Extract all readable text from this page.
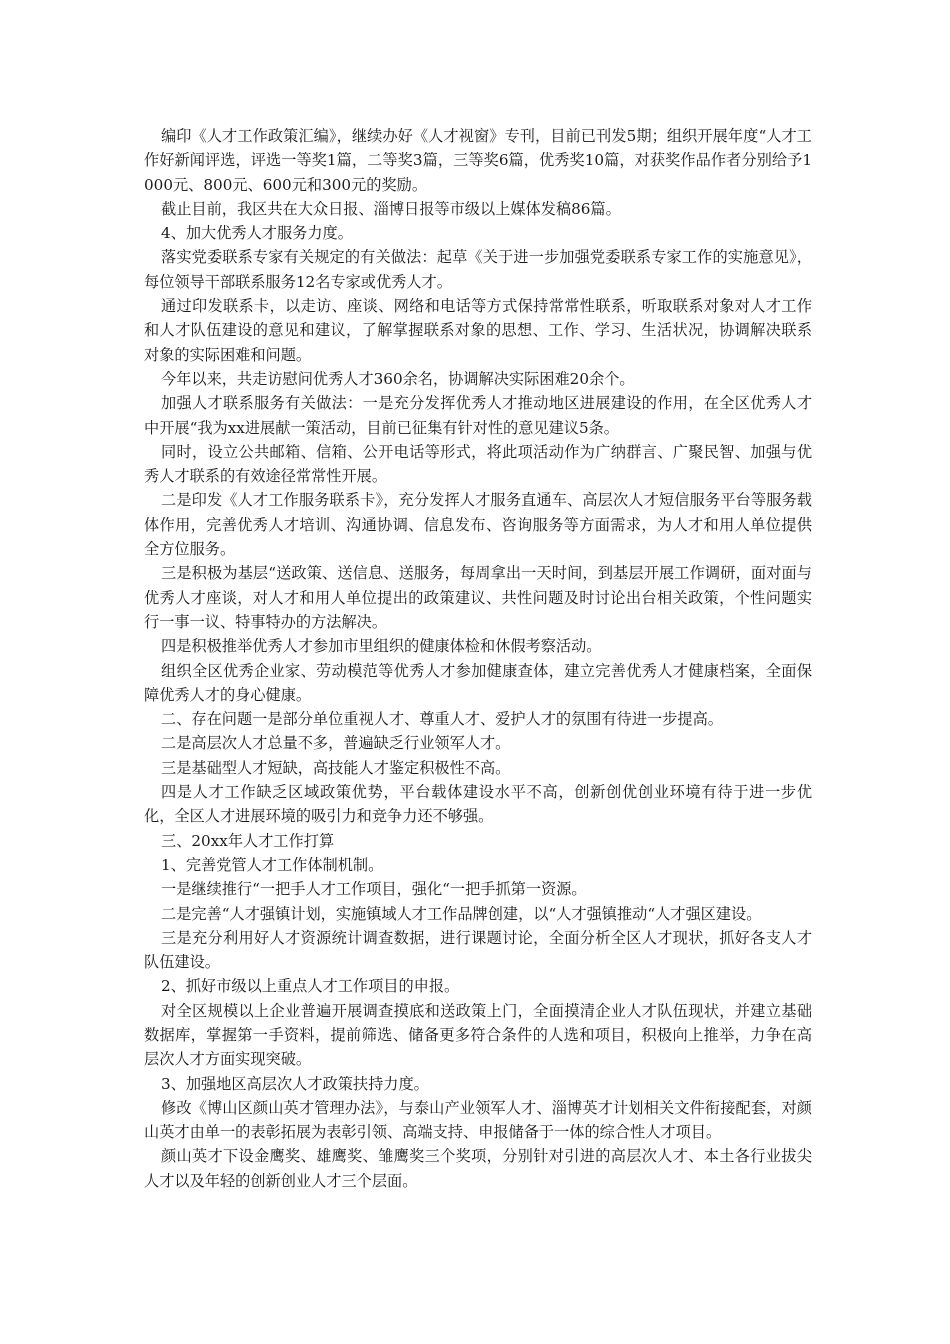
编印《人才工作政策汇编》，继续办好《人才视窗》专刊，目前已刊发5期；组织开展年度“人才工作好新闻评选，评选一等奖1篇，二等奖3篇，三等奖6篇，优秀奖10篇，对获奖作品作者分别给予1000元、800元、600元和300元的奖励。

截止目前，我区共在大众日报、淄博日报等市级以上媒体发稿86篇。

4、加大优秀人才服务力度。

落实党委联系专家有关规定的有关做法：起草《关于进一步加强党委联系专家工作的实施意见》，每位领导干部联系服务12名专家或优秀人才。

通过印发联系卡，以走访、座谈、网络和电话等方式保持常常性联系，听取联系对象对人才工作和人才队伍建设的意见和建议，了解掌握联系对象的思想、工作、学习、生活状况，协调解决联系对象的实际困难和问题。

今年以来，共走访慰问优秀人才360余名，协调解决实际困难20余个。

加强人才联系服务有关做法：一是充分发挥优秀人才推动地区进展建设的作用，在全区优秀人才中开展“我为xx进展献一策活动，目前已征集有针对性的意见建议5条。

同时，设立公共邮箱、信箱、公开电话等形式，将此项活动作为广纳群言、广聚民智、加强与优秀人才联系的有效途径常常性开展。

二是印发《人才工作服务联系卡》，充分发挥人才服务直通车、高层次人才短信服务平台等服务载体作用，完善优秀人才培训、沟通协调、信息发布、咨询服务等方面需求，为人才和用人单位提供全方位服务。

三是积极为基层“送政策、送信息、送服务，每周拿出一天时间，到基层开展工作调研，面对面与优秀人才座谈，对人才和用人单位提出的政策建议、共性问题及时讨论出台相关政策，个性问题实行一事一议、特事特办的方法解决。

四是积极推举优秀人才参加市里组织的健康体检和休假考察活动。

组织全区优秀企业家、劳动模范等优秀人才参加健康查体，建立完善优秀人才健康档案，全面保障优秀人才的身心健康。

二、存在问题一是部分单位重视人才、尊重人才、爱护人才的氛围有待进一步提高。

二是高层次人才总量不多，普遍缺乏行业领军人才。

三是基础型人才短缺，高技能人才鉴定积极性不高。

四是人才工作缺乏区域政策优势，平台载体建设水平不高，创新创优创业环境有待于进一步优化，全区人才进展环境的吸引力和竞争力还不够强。

三、20xx年人才工作打算

1、完善党管人才工作体制机制。

一是继续推行“一把手人才工作项目，强化“一把手抓第一资源。

二是完善“人才强镇计划，实施镇域人才工作品牌创建，以“人才强镇推动“人才强区建设。

三是充分利用好人才资源统计调查数据，进行课题讨论，全面分析全区人才现状，抓好各支人才队伍建设。

2、抓好市级以上重点人才工作项目的申报。

对全区规模以上企业普遍开展调查摸底和送政策上门，全面摸清企业人才队伍现状，并建立基础数据库，掌握第一手资料，提前筛选、储备更多符合条件的人选和项目，积极向上推举，力争在高层次人才方面实现突破。

3、加强地区高层次人才政策扶持力度。

修改《博山区颜山英才管理办法》，与泰山产业领军人才、淄博英才计划相关文件衔接配套，对颜山英才由单一的表彰拓展为表彰引领、高端支持、申报储备于一体的综合性人才项目。

颜山英才下设金鹰奖、雄鹰奖、雏鹰奖三个奖项，分别针对引进的高层次人才、本土各行业拔尖人才以及年轻的创新创业人才三个层面。
